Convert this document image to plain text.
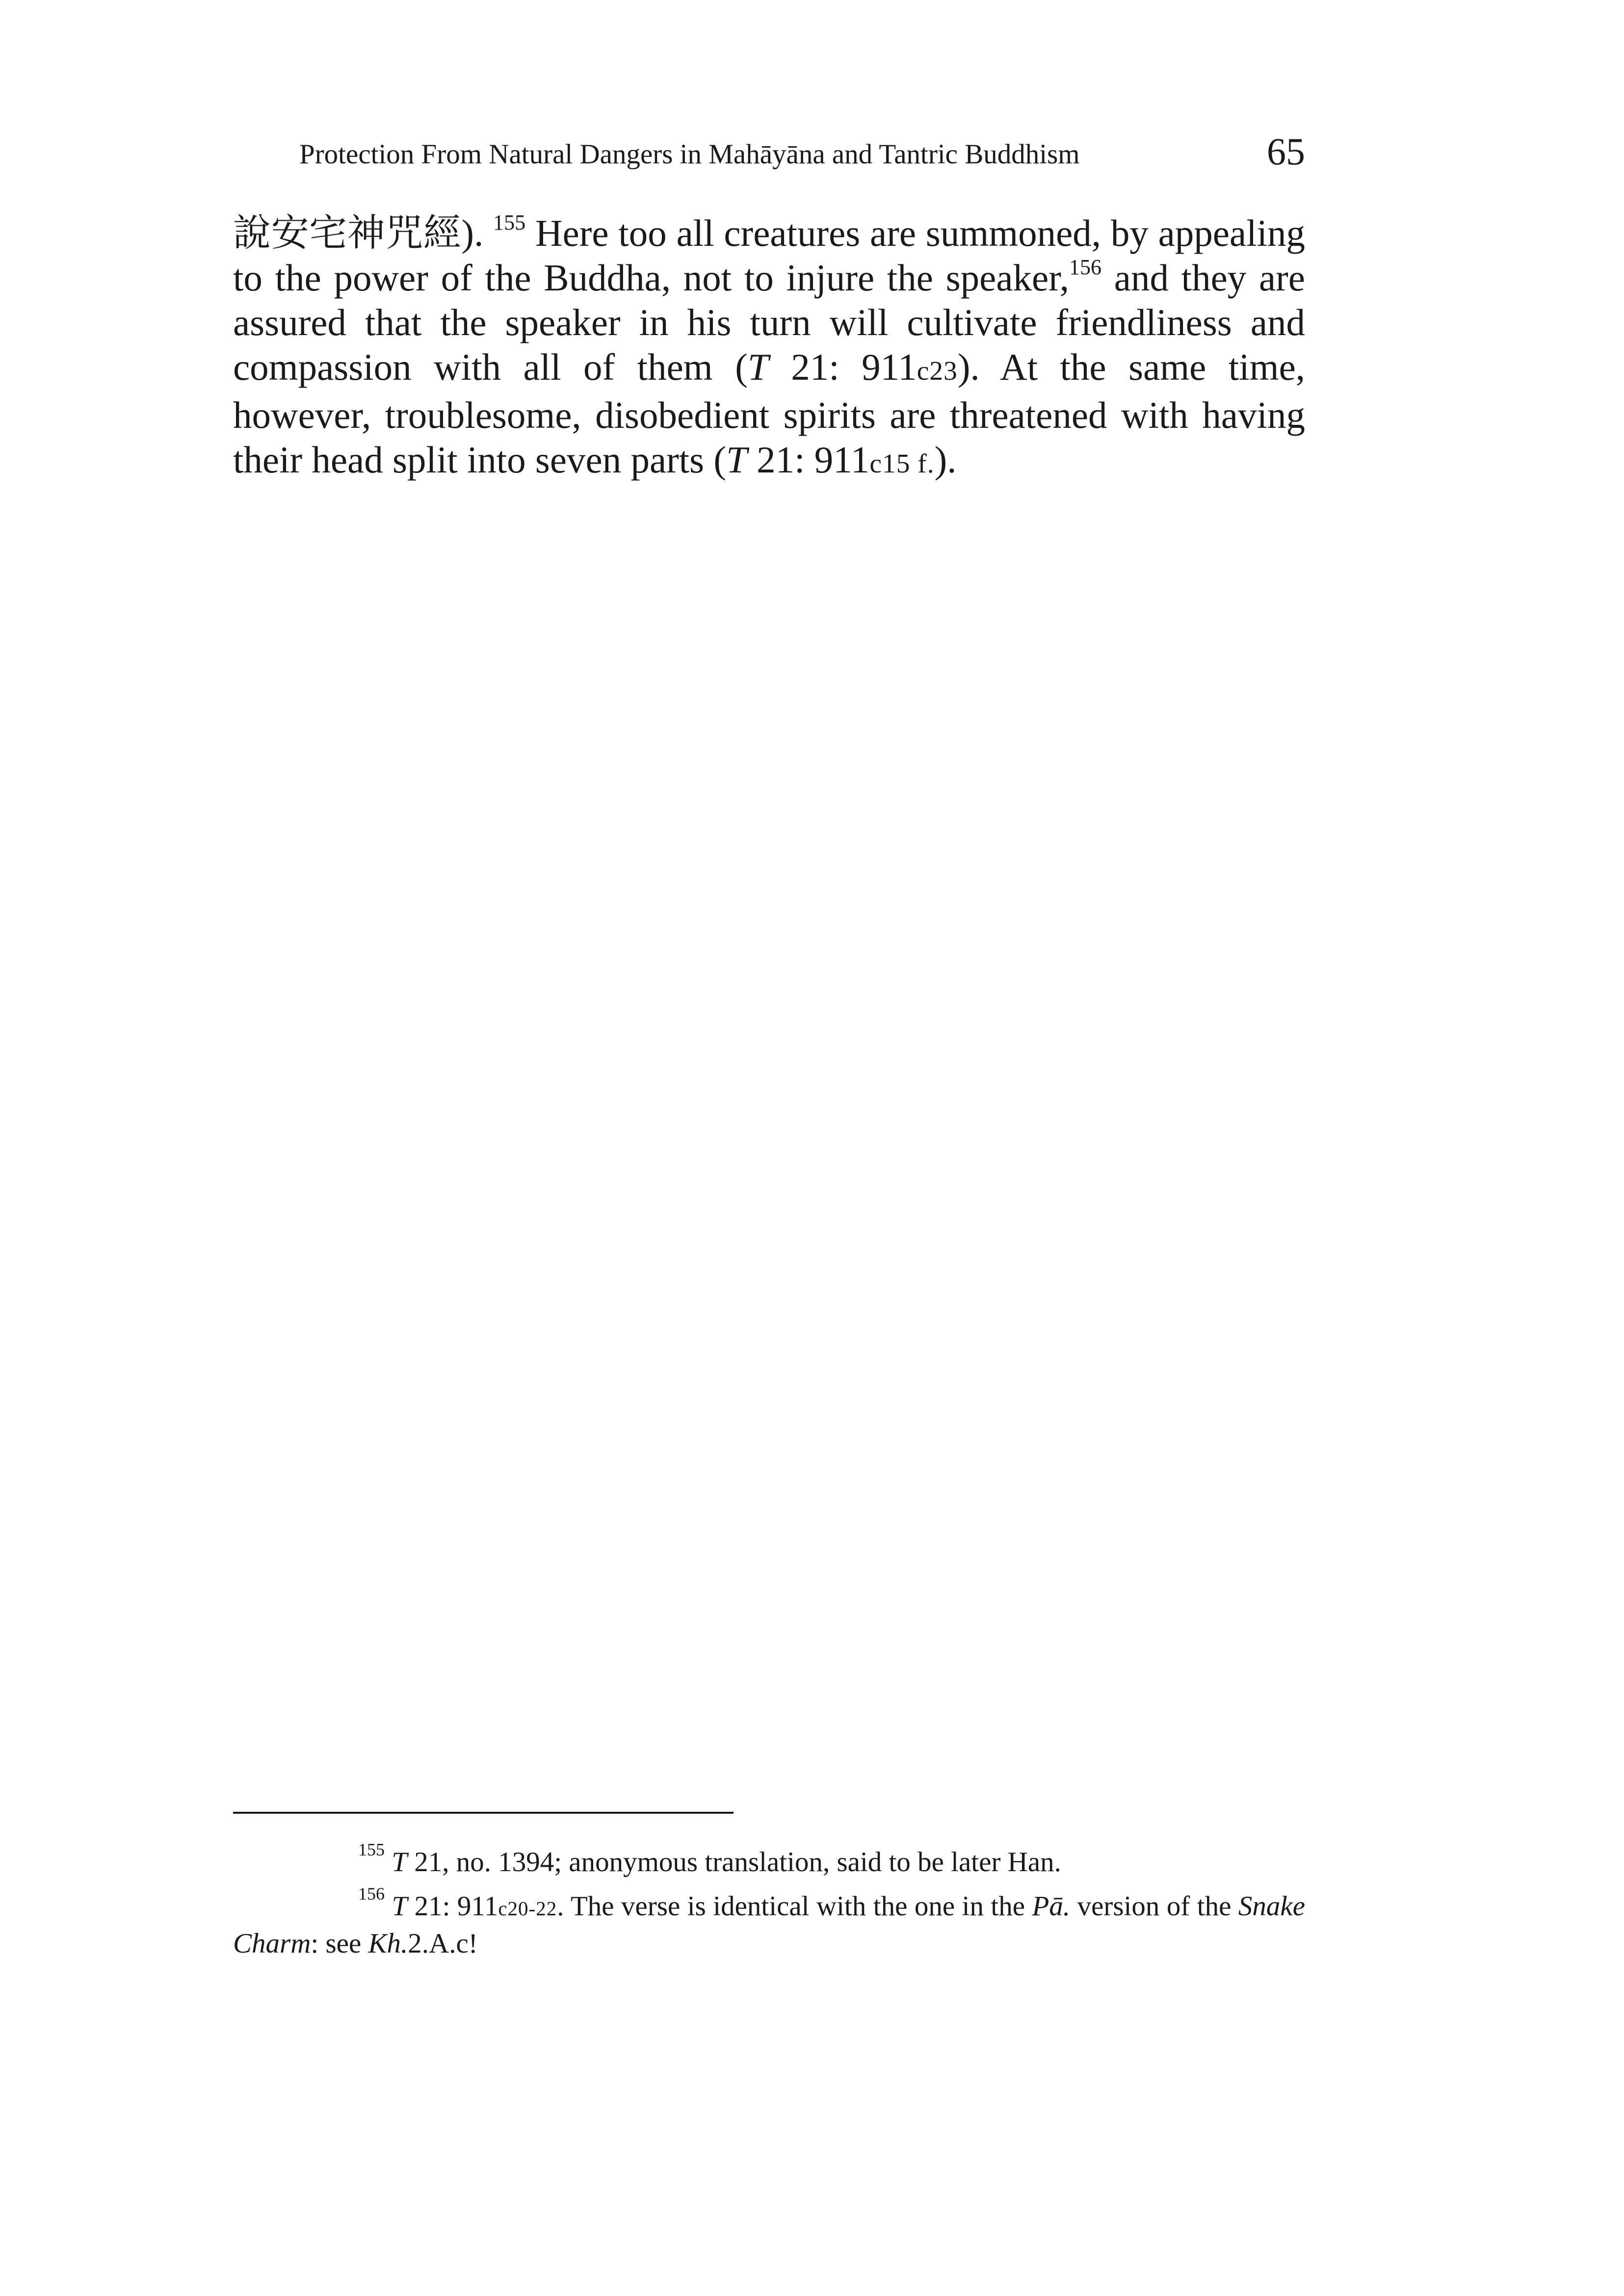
Protection From Natural Dangers in Mahāyāna and Tantric Buddhism	65
說安宅神咒經). $^{155}$ Here too all creatures are summoned, by appealing to the power of the Buddha, not to injure the speaker,$^{156}$ and they are assured that the speaker in his turn will cultivate friendliness and compassion with all of them (T 21: 911c23). At the same time, however, troublesome, disobedient spirits are threatened with having their head split into seven parts (T 21: 911c15 f.).

$^{155}$ T 21, no. 1394; anonymous translation, said to be later Han.

$^{156}$ T 21: 911c20-22. The verse is identical with the one in the Pā. version of the Snake Charm: see Kh.2.A.c!
